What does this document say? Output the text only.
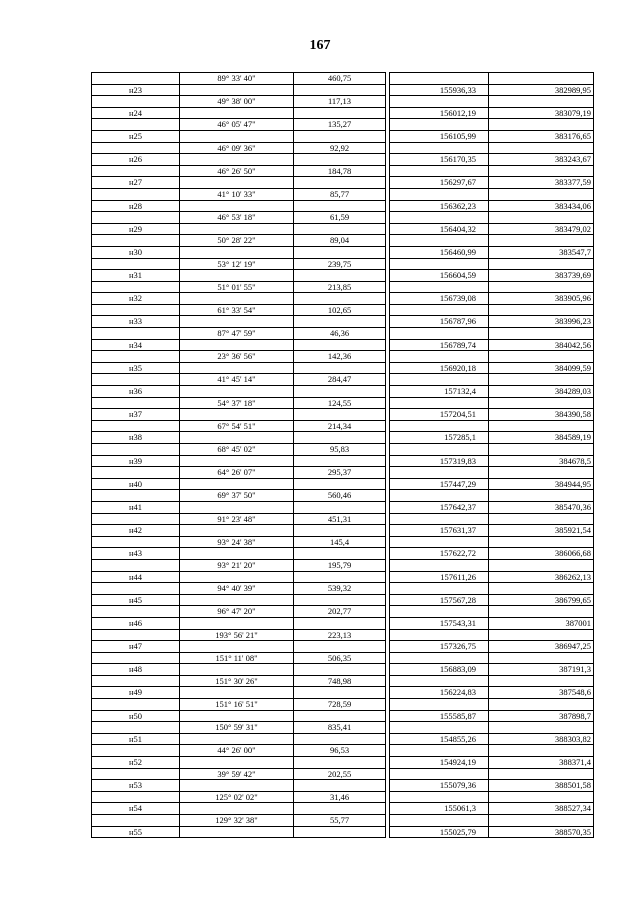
167
	89° 33' 40"	460,75			
н23				155936,33	382989,95
	49° 38' 00"	117,13			
н24				156012,19	383079,19
	46° 05' 47"	135,27			
н25				156105,99	383176,65
	46° 09' 36"	92,92			
н26				156170,35	383243,67
	46° 26' 50"	184,78			
н27				156297,67	383377,59
	41° 10' 33"	85,77			
н28				156362,23	383434,06
	46° 53' 18"	61,59			
н29				156404,32	383479,02
	50° 28' 22"	89,04			
н30				156460,99	383547,7
	53° 12' 19"	239,75			
н31				156604,59	383739,69
	51° 01' 55"	213,85			
н32				156739,08	383905,96
	61° 33' 54"	102,65			
н33				156787,96	383996,23
	87° 47' 59"	46,36			
н34				156789,74	384042,56
	23° 36' 56"	142,36			
н35				156920,18	384099,59
	41° 45' 14"	284,47			
н36				157132,4	384289,03
	54° 37' 18"	124,55			
н37				157204,51	384390,58
	67° 54' 51"	214,34			
н38				157285,1	384589,19
	68° 45' 02"	95,83			
н39				157319,83	384678,5
	64° 26' 07"	295,37			
н40				157447,29	384944,95
	69° 37' 50"	560,46			
н41				157642,37	385470,36
	91° 23' 48"	451,31			
н42				157631,37	385921,54
	93° 24' 38"	145,4			
н43				157622,72	386066,68
	93° 21' 20"	195,79			
н44				157611,26	386262,13
	94° 40' 39"	539,32			
н45				157567,28	386799,65
	96° 47' 20"	202,77			
н46				157543,31	387001
	193° 56' 21"	223,13			
н47				157326,75	386947,25
	151° 11' 08"	506,35			
н48				156883,09	387191,3
	151° 30' 26"	748,98			
н49				156224,83	387548,6
	151° 16' 51"	728,59			
н50				155585,87	387898,7
	150° 59' 31"	835,41			
н51				154855,26	388303,82
	44° 26' 00"	96,53			
н52				154924,19	388371,4
	39° 59' 42"	202,55			
н53				155079,36	388501,58
	125° 02' 02"	31,46			
н54				155061,3	388527,34
	129° 32' 38"	55,77			
н55				155025,79	388570,35
